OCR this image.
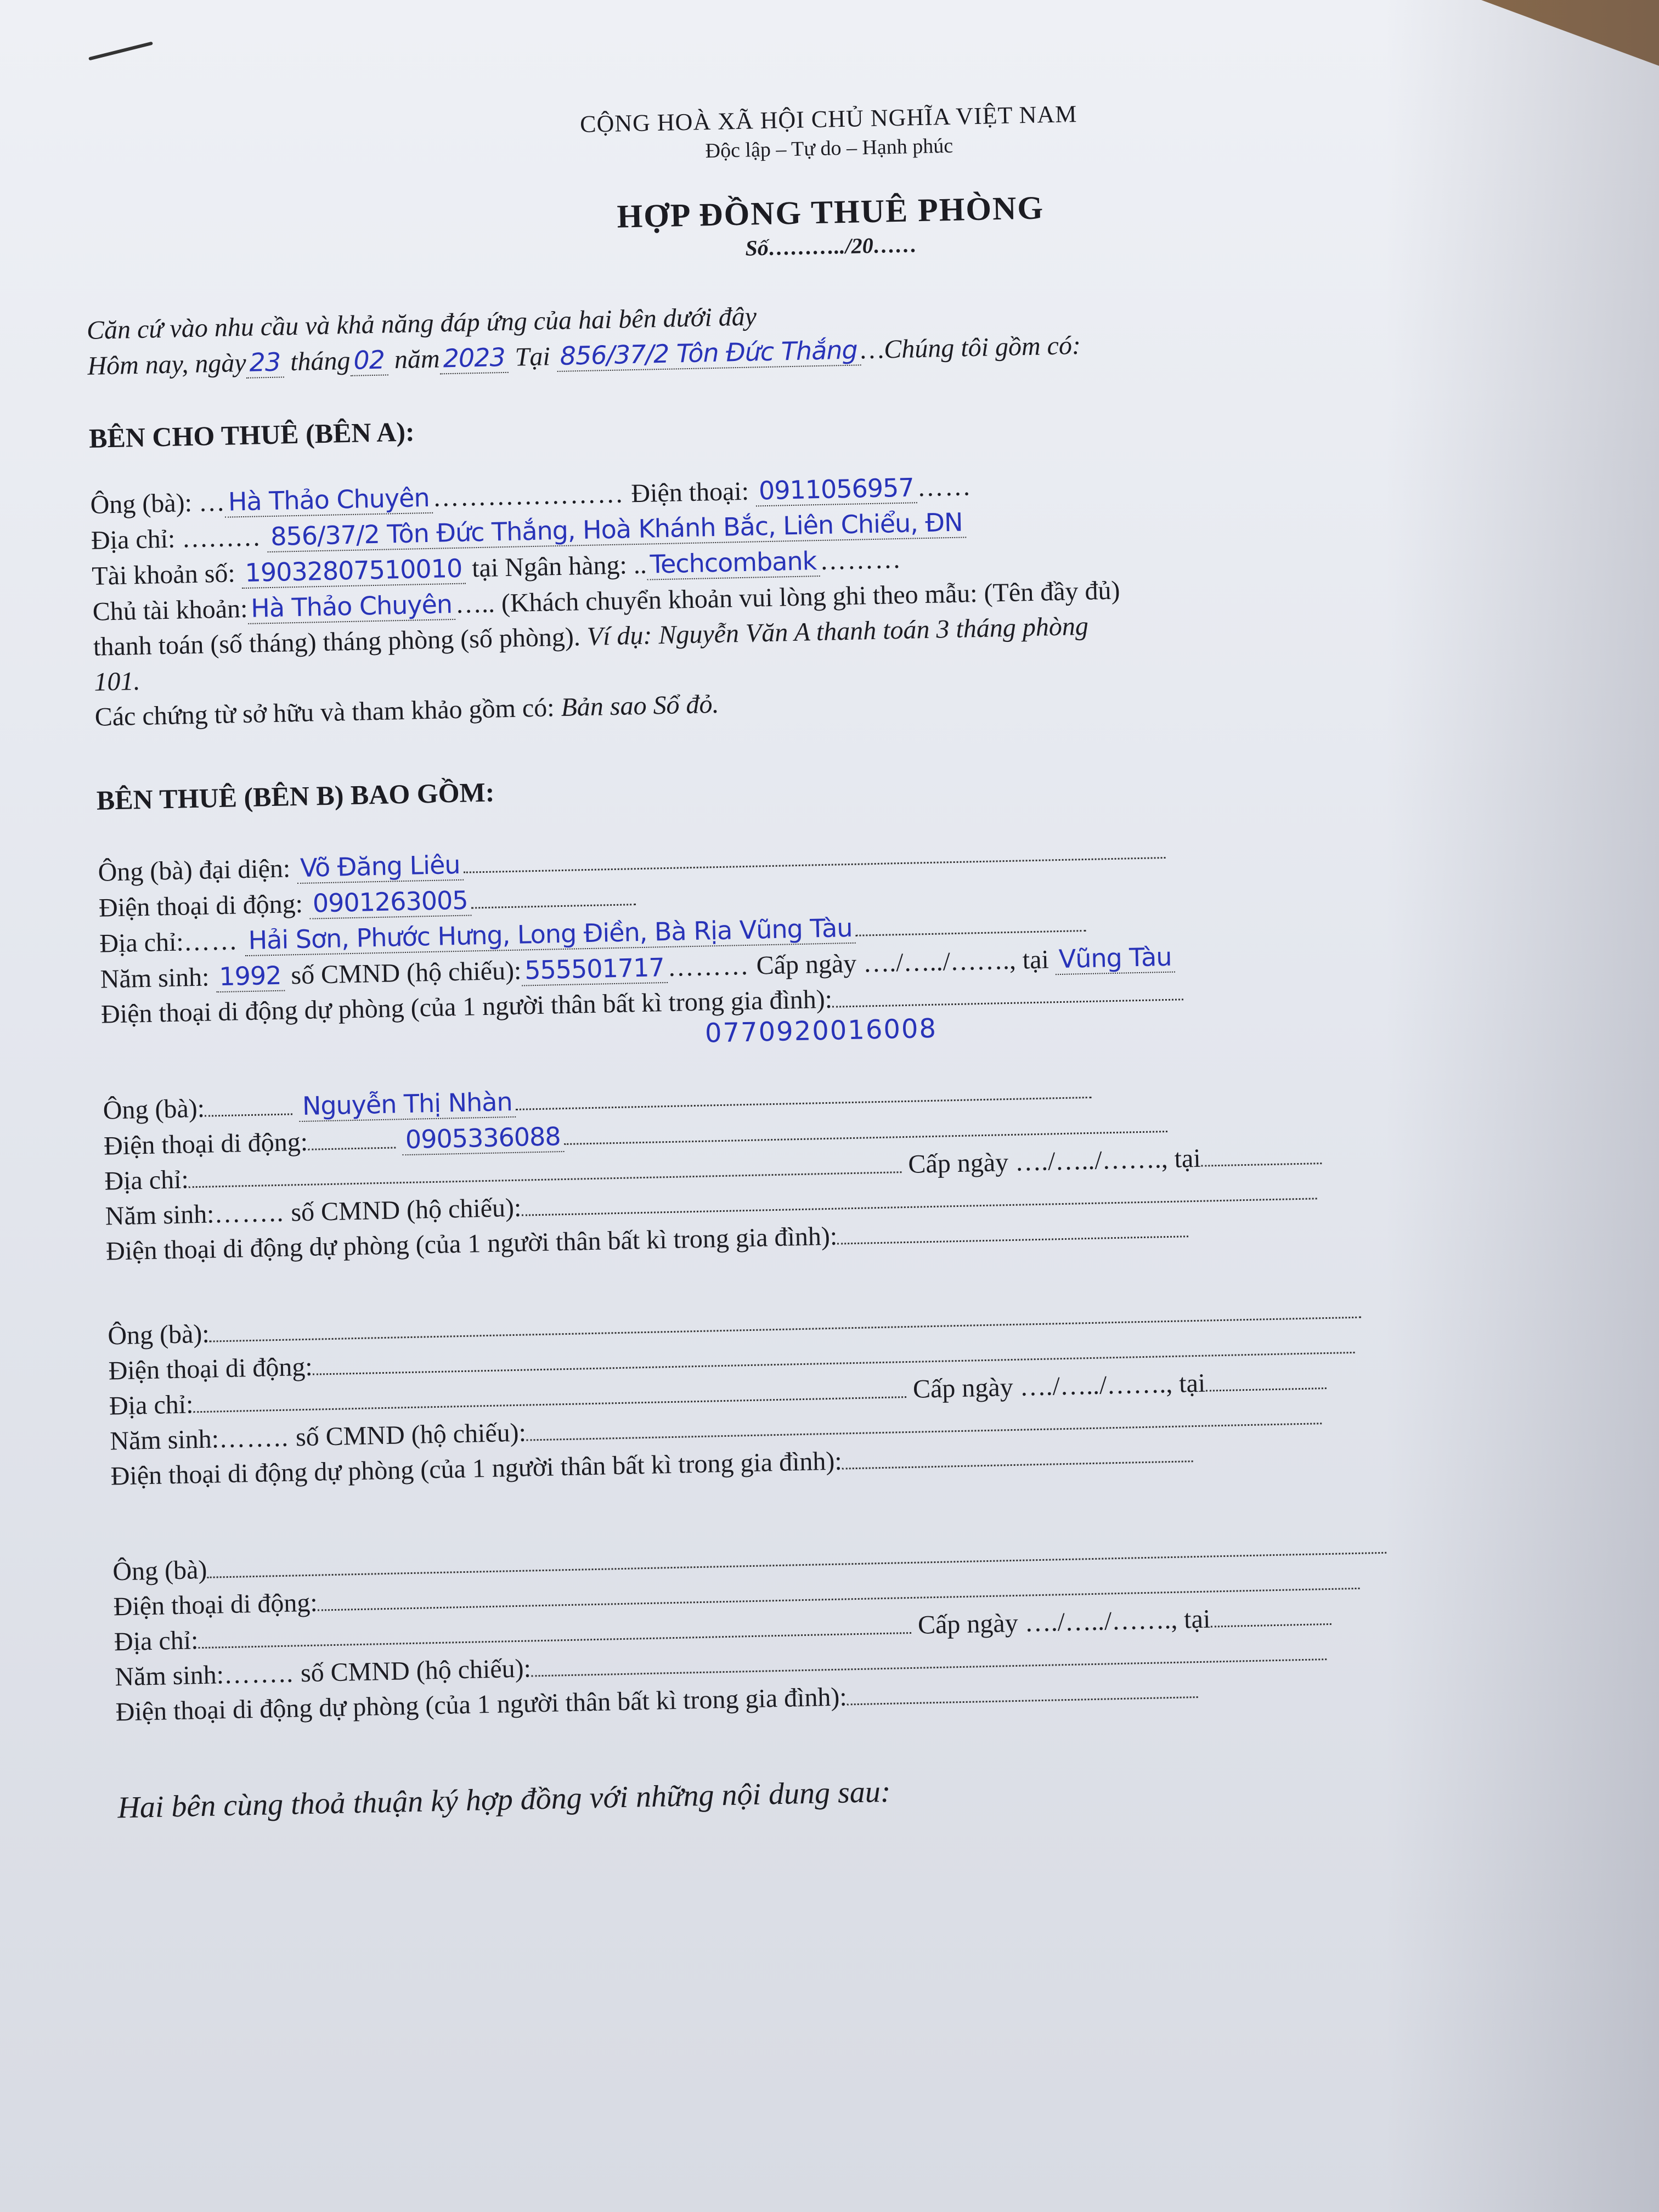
CỘNG HOÀ XÃ HỘI CHỦ NGHĨA VIỆT NAM

Độc lập – Tự do – Hạnh phúc

HỢP ĐỒNG THUÊ PHÒNG

Số………../20……

Căn cứ vào nhu cầu và khả năng đáp ứng của hai bên dưới đây

Hôm nay, ngày 23 tháng 02 năm 2023 Tại 856/37/2 Tôn Đức Thắng …Chúng tôi gồm có:

BÊN CHO THUÊ (BÊN A):

Ông (bà): … Hà Thảo Chuyên ………………… Điện thoại: 0911056957 ……

Địa chỉ: ……… 856/37/2 Tôn Đức Thắng, Hoà Khánh Bắc, Liên Chiểu, ĐN

Tài khoản số: 19032807510010 tại Ngân hàng: .. Techcombank ………

Chủ tài khoản: Hà Thảo Chuyên ….. (Khách chuyển khoản vui lòng ghi theo mẫu: (Tên đầy đủ)

thanh toán (số tháng) tháng phòng (số phòng). Ví dụ: Nguyễn Văn A thanh toán 3 tháng phòng

101.

Các chứng từ sở hữu và tham khảo gồm có: Bản sao Sổ đỏ.

BÊN THUÊ (BÊN B) BAO GỒM:

Ông (bà) đại diện: Võ Đăng Liêu

Điện thoại di động: 0901263005

Địa chỉ:…… Hải Sơn, Phước Hưng, Long Điền, Bà Rịa Vũng Tàu

Năm sinh: 1992 số CMND (hộ chiếu): 555501717 ……… Cấp ngày …./…../……., tại Vũng Tàu

Điện thoại di động dự phòng (của 1 người thân bất kì trong gia đình):

0770920016008

Ông (bà):	Nguyễn Thị Nhàn

Điện thoại di động:	0905336088

Địa chỉ: Cấp ngày …./…../……., tại

Năm sinh:…….. số CMND (hộ chiếu):

Điện thoại di động dự phòng (của 1 người thân bất kì trong gia đình):

Ông (bà):

Điện thoại di động:

Địa chỉ: Cấp ngày …./…../……., tại

Năm sinh:…….. số CMND (hộ chiếu):

Điện thoại di động dự phòng (của 1 người thân bất kì trong gia đình):

Ông (bà)

Điện thoại di động:

Địa chỉ: Cấp ngày …./…../……., tại

Năm sinh:…….. số CMND (hộ chiếu):

Điện thoại di động dự phòng (của 1 người thân bất kì trong gia đình):

Hai bên cùng thoả thuận ký hợp đồng với những nội dung sau:
